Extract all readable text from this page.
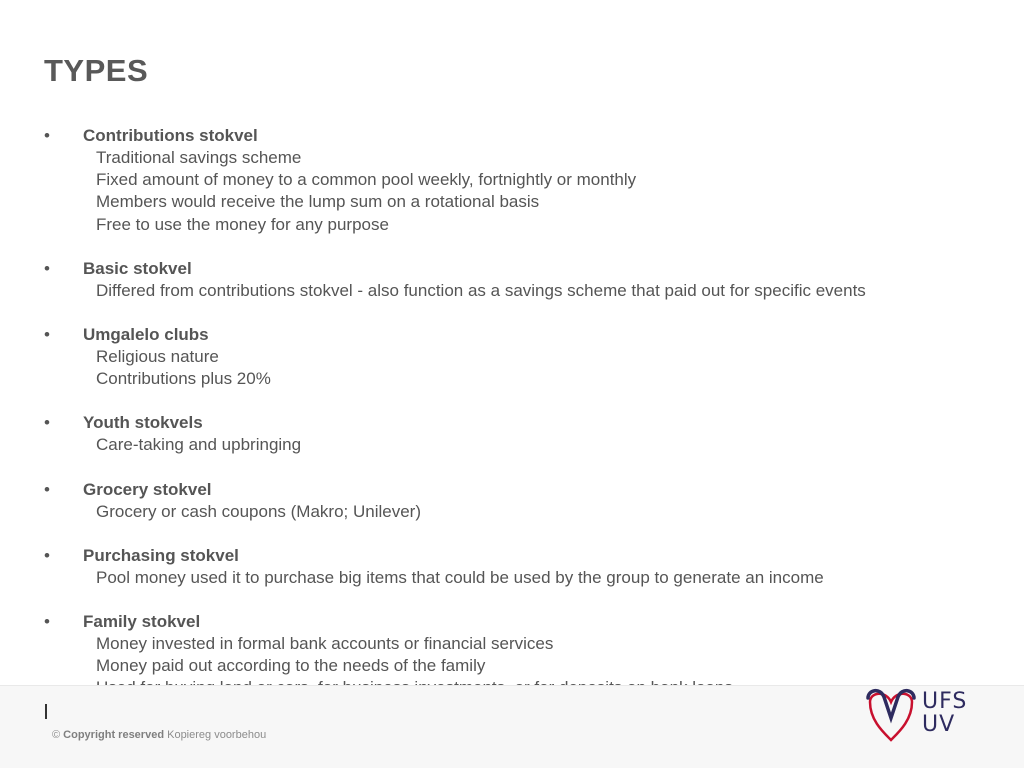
TYPES
• Contributions stokvel
Traditional savings scheme
Fixed amount of money to a common pool weekly, fortnightly or monthly
Members would receive the lump sum on a rotational basis
Free to use the money for any purpose
• Basic stokvel
Differed from contributions stokvel - also function as a savings scheme that paid out for specific events
• Umgalelo clubs
Religious nature
Contributions plus 20%
• Youth stokvels
Care-taking and upbringing
• Grocery stokvel
Grocery or cash coupons (Makro; Unilever)
• Purchasing stokvel
Pool money used it to purchase big items that could be used by the group to generate an income
• Family stokvel
Money invested in formal bank accounts or financial services
Money paid out according to the needs of the family
© Copyright reserved Kopiereg voorbehou
UFS
UV
